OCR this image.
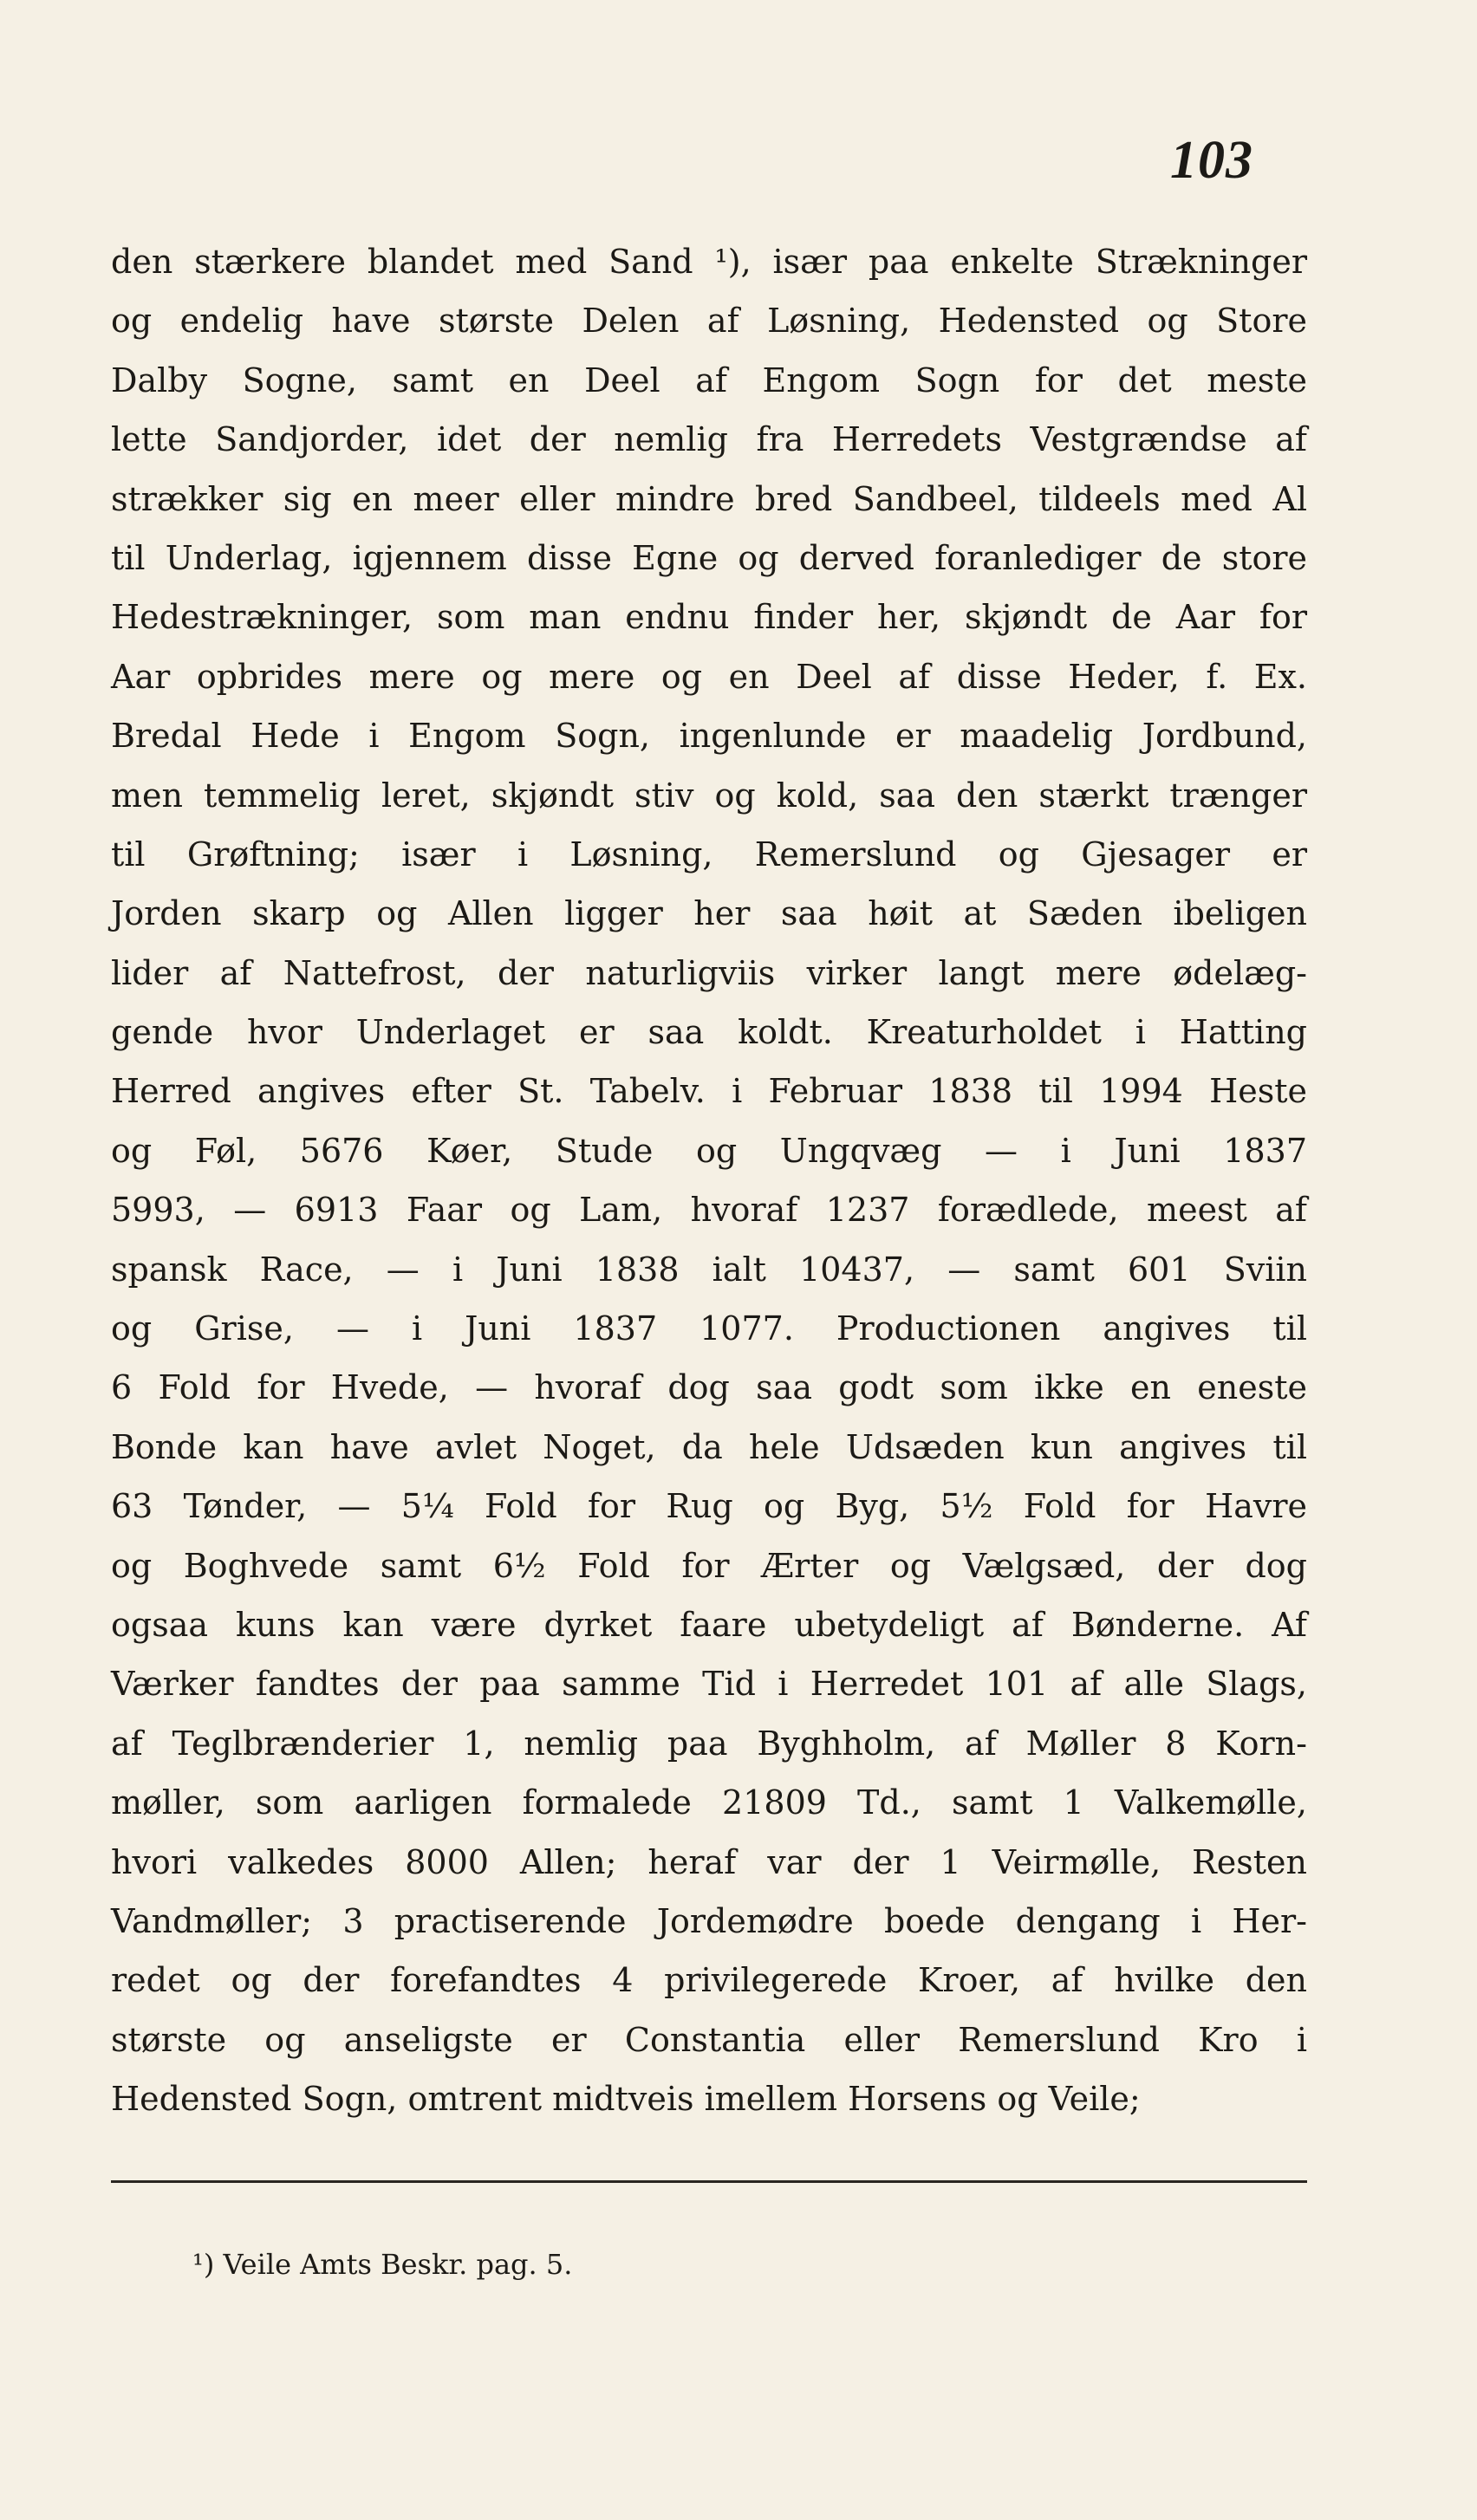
103
den stærkere blandet med Sand ¹), især paa enkelte Strækninger
og endelig have største Delen af Løsning, Hedensted og Store
Dalby Sogne, samt en Deel af Engom Sogn for det meste
lette Sandjorder, idet der nemlig fra Herredets Vestgrændse af
strækker sig en meer eller mindre bred Sandbeel, tildeels med Al
til Underlag, igjennem disse Egne og derved foranlediger de store
Hedestrækninger, som man endnu finder her, skjøndt de Aar for
Aar opbrides mere og mere og en Deel af disse Heder, f. Ex.
Bredal Hede i Engom Sogn, ingenlunde er maadelig Jordbund,
men temmelig leret, skjøndt stiv og kold, saa den stærkt trænger
til Grøftning; især i Løsning, Remerslund og Gjesager er
Jorden skarp og Allen ligger her saa høit at Sæden ibeligen
lider af Nattefrost, der naturligviis virker langt mere ødelæg-
gende hvor Underlaget er saa koldt. Kreaturholdet i Hatting
Herred angives efter St. Tabelv. i Februar 1838 til 1994 Heste
og Føl, 5676 Køer, Stude og Ungqvæg — i Juni 1837
5993, — 6913 Faar og Lam, hvoraf 1237 forædlede, meest af
spansk Race, — i Juni 1838 ialt 10437, — samt 601 Sviin
og Grise, — i Juni 1837 1077. Productionen angives til
6 Fold for Hvede, — hvoraf dog saa godt som ikke en eneste
Bonde kan have avlet Noget, da hele Udsæden kun angives til
63 Tønder, — 5¼ Fold for Rug og Byg, 5½ Fold for Havre
og Boghvede samt 6½ Fold for Ærter og Vælgsæd, der dog
ogsaa kuns kan være dyrket faare ubetydeligt af Bønderne. Af
Værker fandtes der paa samme Tid i Herredet 101 af alle Slags,
af Teglbrænderier 1, nemlig paa Byghholm, af Møller 8 Korn-
møller, som aarligen formalede 21809 Td., samt 1 Valkemølle,
hvori valkedes 8000 Allen; heraf var der 1 Veirmølle, Resten
Vandmøller; 3 practiserende Jordemødre boede dengang i Her-
redet og der forefandtes 4 privilegerede Kroer, af hvilke den
største og anseligste er Constantia eller Remerslund Kro i
Hedensted Sogn, omtrent midtveis imellem Horsens og Veile;
¹) Veile Amts Beskr. pag. 5.
